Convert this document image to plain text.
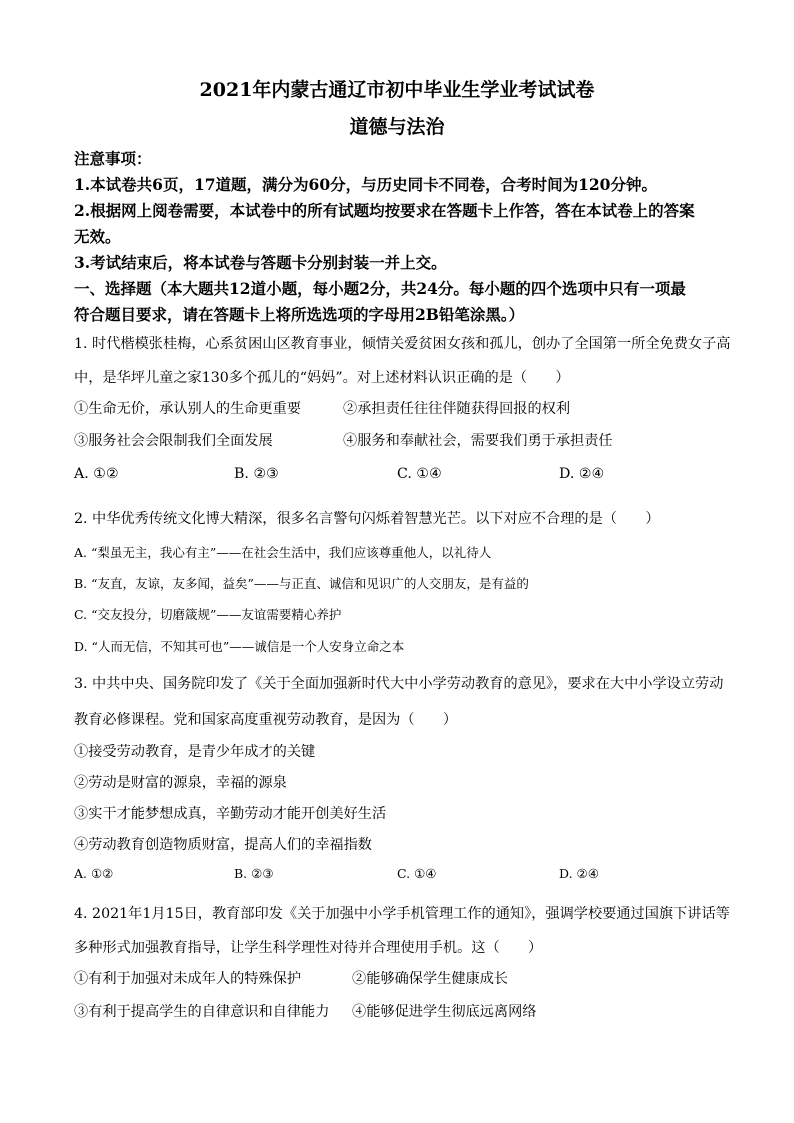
2021年内蒙古通辽市初中毕业生学业考试试卷
道德与法治
注意事项：
1.本试卷共6页，17道题，满分为60分，与历史同卡不同卷，合考时间为120分钟。
2.根据网上阅卷需要，本试卷中的所有试题均按要求在答题卡上作答，答在本试卷上的答案
无效。
3.考试结束后，将本试卷与答题卡分别封装一并上交。
一、选择题（本大题共12道小题，每小题2分，共24分。每小题的四个选项中只有一项最
符合题目要求，请在答题卡上将所选选项的字母用2B铅笔涂黑。）
1. 时代楷模张桂梅，心系贫困山区教育事业，倾情关爱贫困女孩和孤儿，创办了全国第一所全免费女子高
中，是华坪儿童之家130多个孤儿的“妈妈”。对上述材料认识正确的是（　　）
①生命无价，承认别人的生命更重要	②承担责任往往伴随获得回报的权利
③服务社会会限制我们全面发展	④服务和奉献社会，需要我们勇于承担责任
A. ①②	B. ②③	C. ①④	D. ②④
2. 中华优秀传统文化博大精深，很多名言警句闪烁着智慧光芒。以下对应不合理的是（　　）
A. “梨虽无主，我心有主”——在社会生活中，我们应该尊重他人，以礼待人
B. “友直，友谅，友多闻，益矣”——与正直、诚信和见识广的人交朋友，是有益的
C. “交友投分，切磨箴规”——友谊需要精心养护
D. “人而无信，不知其可也”——诚信是一个人安身立命之本
3. 中共中央、国务院印发了《关于全面加强新时代大中小学劳动教育的意见》，要求在大中小学设立劳动
教育必修课程。党和国家高度重视劳动教育，是因为（　　）
①接受劳动教育，是青少年成才的关键
②劳动是财富的源泉，幸福的源泉
③实干才能梦想成真，辛勤劳动才能开创美好生活
④劳动教育创造物质财富，提高人们的幸福指数
A. ①②	B. ②③	C. ①④	D. ②④
4. 2021年1月15日，教育部印发《关于加强中小学手机管理工作的通知》，强调学校要通过国旗下讲话等
多种形式加强教育指导，让学生科学理性对待并合理使用手机。这（　　）
①有利于加强对未成年人的特殊保护	②能够确保学生健康成长
③有利于提高学生的自律意识和自律能力 ④能够促进学生彻底远离网络
